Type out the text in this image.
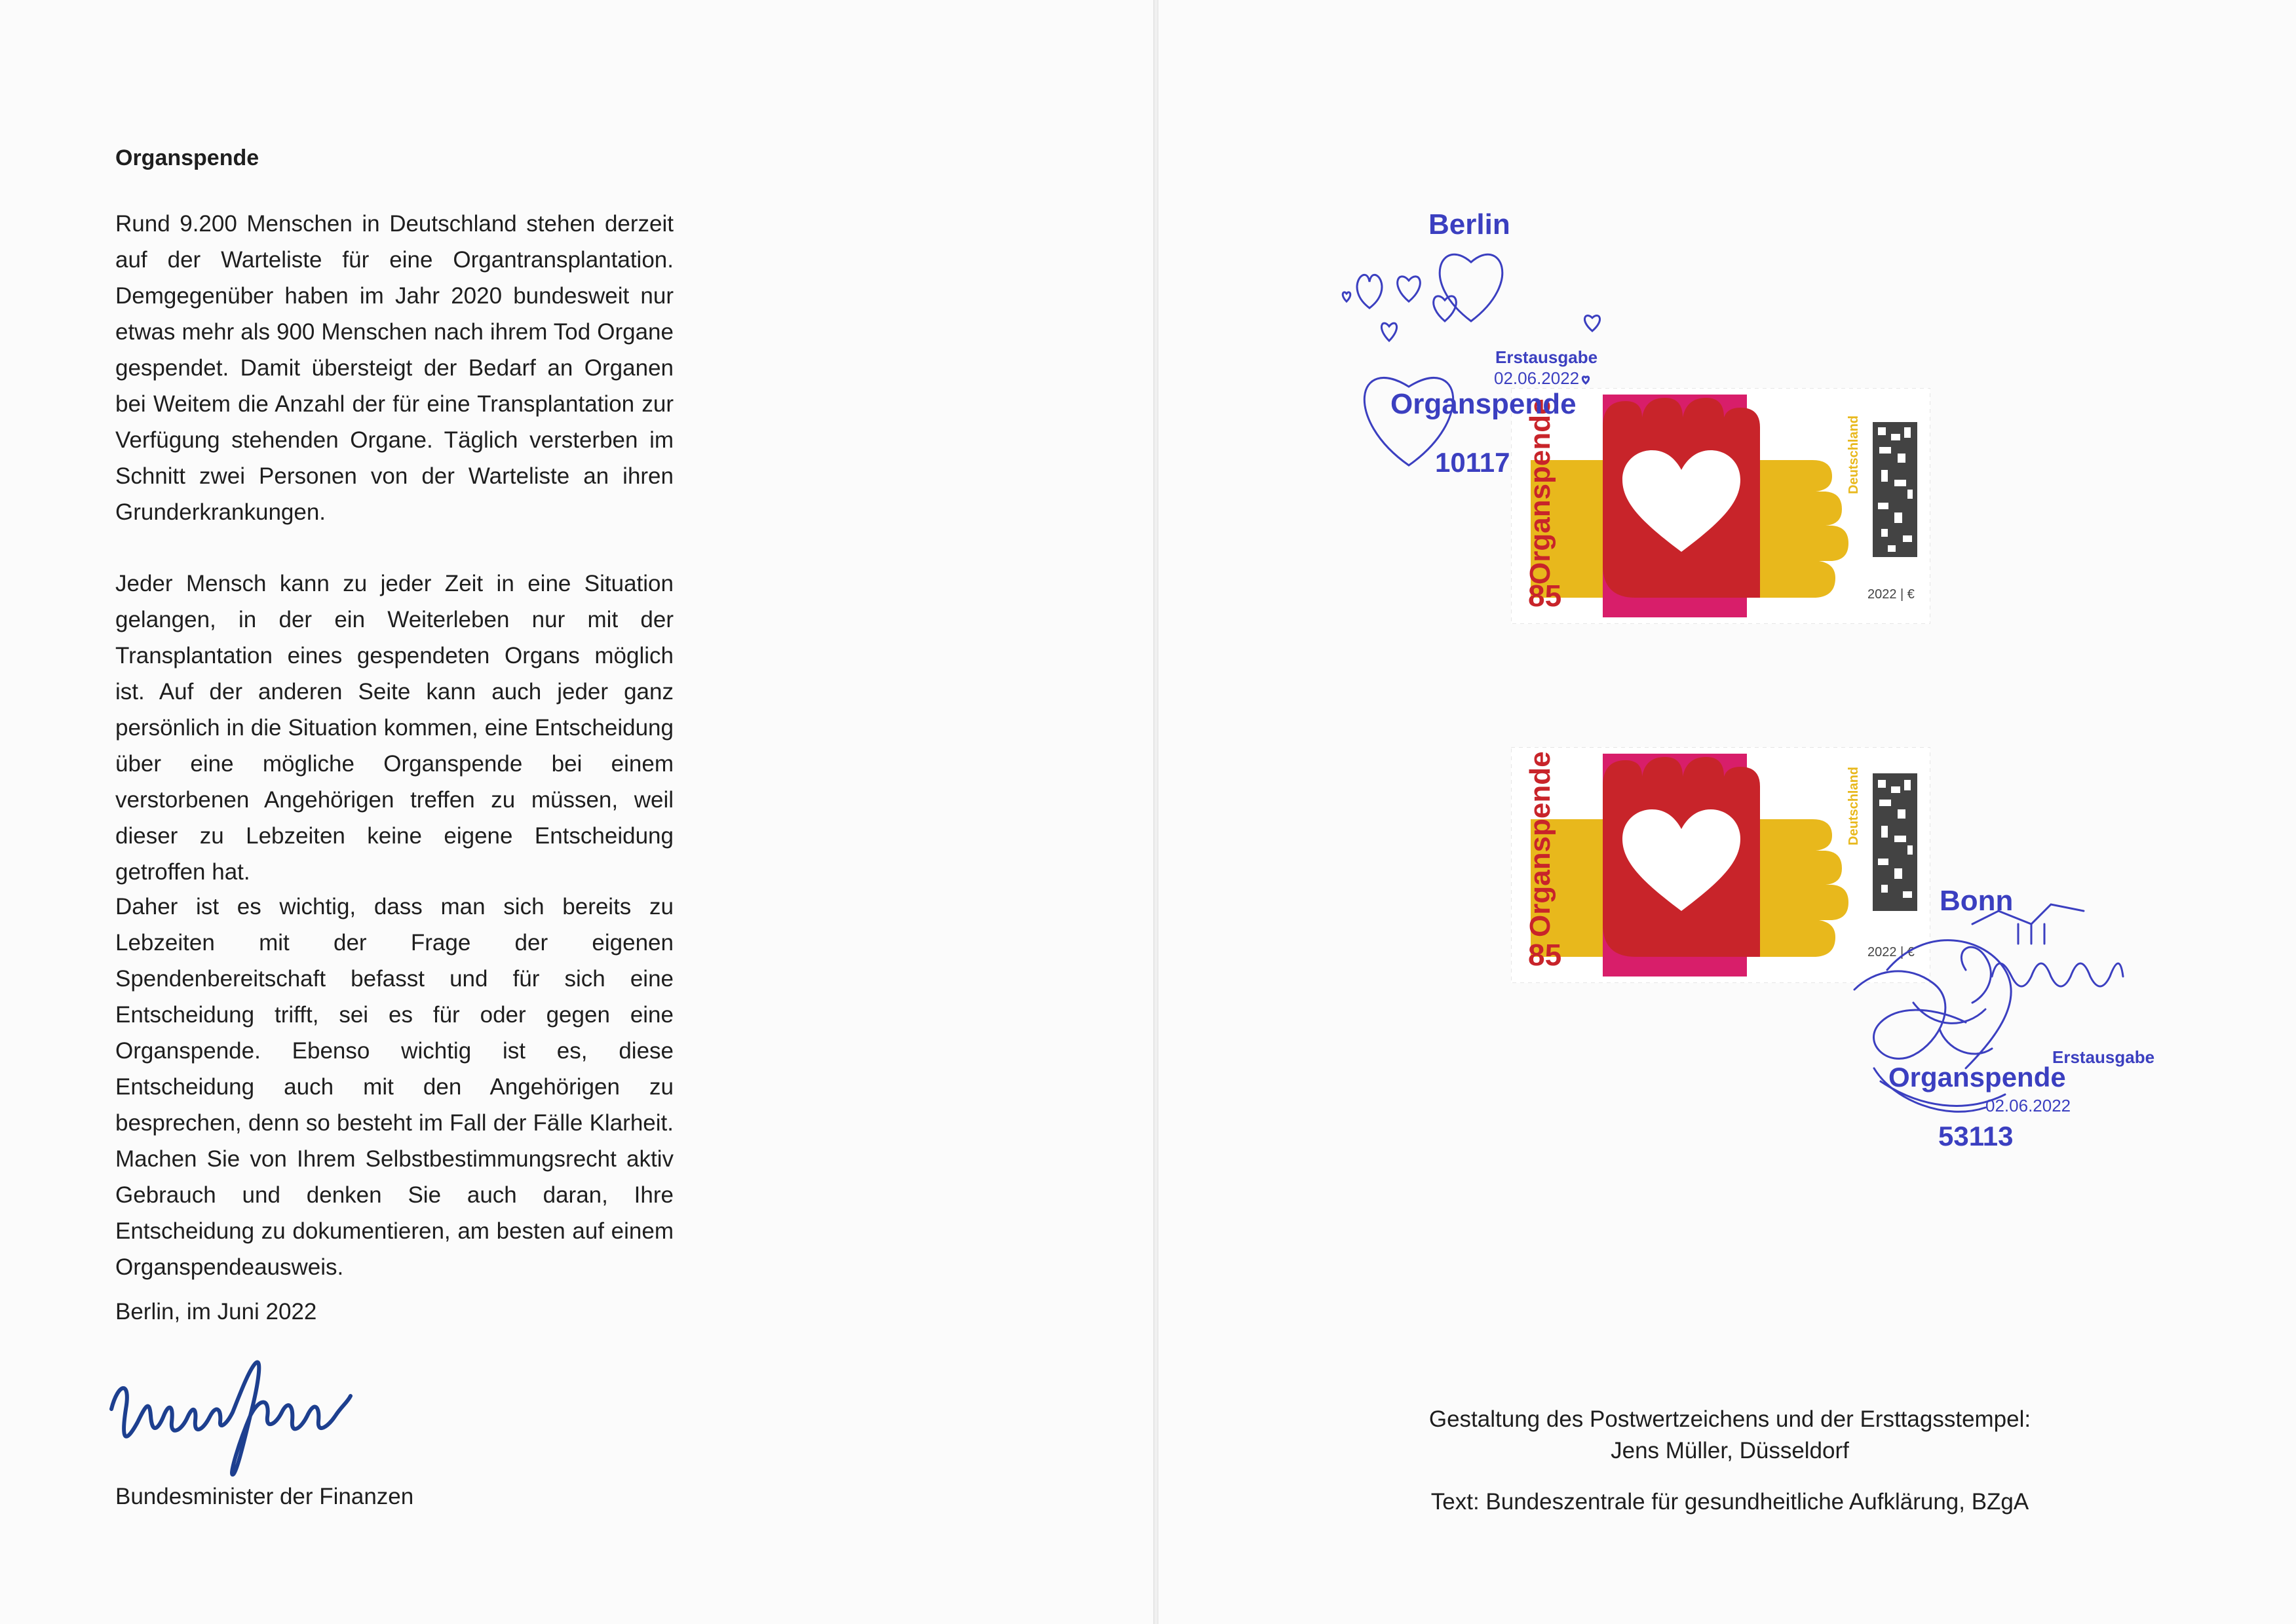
Organspende

Rund 9.200 Menschen in Deutschland stehen derzeit auf der Warteliste für eine Organtransplantation. Demgegenüber haben im Jahr 2020 bundesweit nur etwas mehr als 900 Menschen nach ihrem Tod Organe gespendet. Damit übersteigt der Bedarf an Organen bei Weitem die Anzahl der für eine Transplantation zur Verfügung stehenden Organe. Täglich versterben im Schnitt zwei Personen von der Warteliste an ihren Grunderkrankungen.

Jeder Mensch kann zu jeder Zeit in eine Situation gelangen, in der ein Weiterleben nur mit der Transplantation eines gespendeten Organs möglich ist. Auf der anderen Seite kann auch jeder ganz persönlich in die Situation kommen, eine Entscheidung über eine mögliche Organspende bei einem verstorbenen Angehörigen treffen zu müssen, weil dieser zu Lebzeiten keine eigene Entscheidung getroffen hat.

Daher ist es wichtig, dass man sich bereits zu Lebzeiten mit der Frage der eigenen Spendenbereitschaft befasst und für sich eine Entscheidung trifft, sei es für oder gegen eine Organspende. Ebenso wichtig ist es, diese Entscheidung auch mit den Angehörigen zu besprechen, denn so besteht im Fall der Fälle Klarheit. Machen Sie von Ihrem Selbstbestimmungsrecht aktiv Gebrauch und denken Sie auch daran, Ihre Entscheidung zu dokumentieren, am besten auf einem Organspendeausweis.

Berlin, im Juni 2022
Bundesminister der Finanzen
Organspende
85
Deutschland
2022 | €
Organspende
85
Deutschland
2022 | €
Berlin
Erstausgabe
02.06.2022
Organspende
10117
Bonn
Erstausgabe
Organspende
02.06.2022
53113
Gestaltung des Postwertzeichens und der Ersttagsstempel:
Jens Müller, Düsseldorf
Text: Bundeszentrale für gesundheitliche Aufklärung, BZgA
